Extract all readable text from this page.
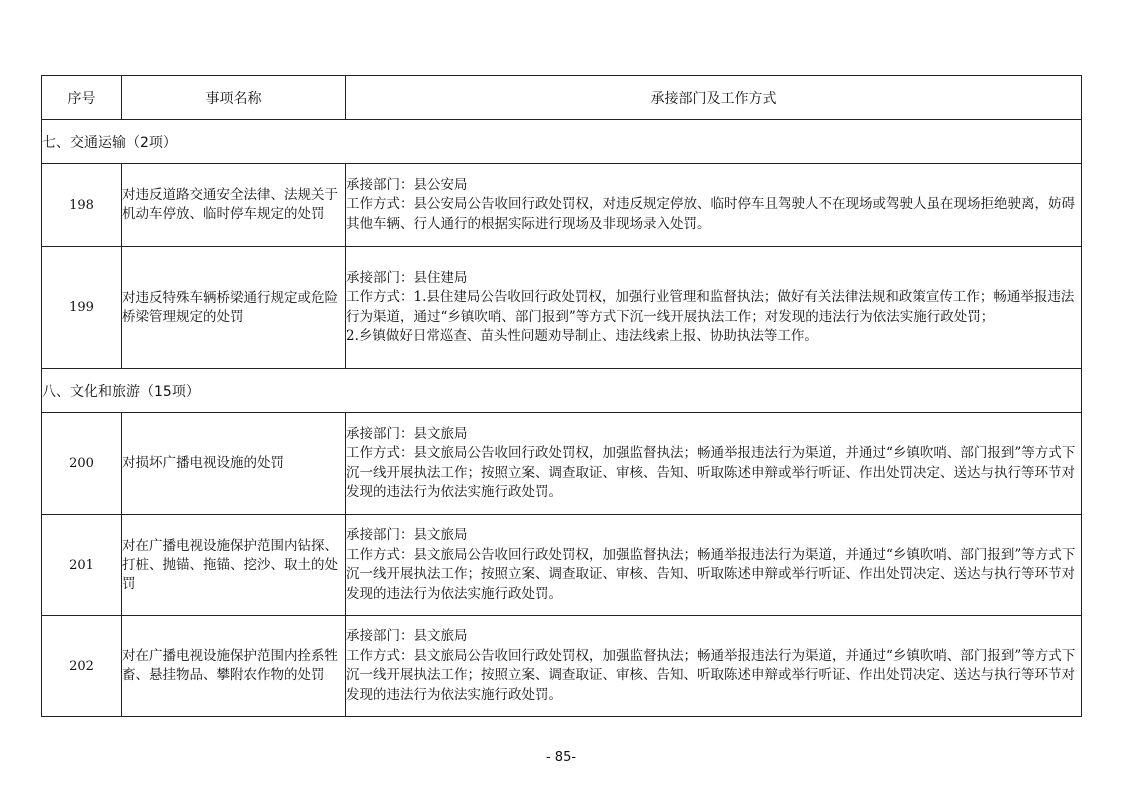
序号	事项名称	承接部门及工作方式
七、交通运输（2项）		
198	对违反道路交通安全法律、法规关于机动车停放、临时停车规定的处罚	承接部门：县公安局
工作方式：县公安局公告收回行政处罚权，对违反规定停放、临时停车且驾驶人不在现场或驾驶人虽在现场拒绝驶离，妨碍其他车辆、行人通行的根据实际进行现场及非现场录入处罚。

199	对违反特殊车辆桥梁通行规定或危险桥梁管理规定的处罚	承接部门：县住建局
工作方式：1.县住建局公告收回行政处罚权，加强行业管理和监督执法；做好有关法律法规和政策宣传工作；畅通举报违法行为渠道，通过“乡镇吹哨、部门报到”等方式下沉一线开展执法工作；对发现的违法行为依法实施行政处罚；
2.乡镇做好日常巡查、苗头性问题劝导制止、违法线索上报、协助执法等工作。

八、文化和旅游（15项）		
200	对损坏广播电视设施的处罚	承接部门：县文旅局
工作方式：县文旅局公告收回行政处罚权，加强监督执法；畅通举报违法行为渠道，并通过“乡镇吹哨、部门报到”等方式下沉一线开展执法工作；按照立案、调查取证、审核、告知、听取陈述申辩或举行听证、作出处罚决定、送达与执行等环节对发现的违法行为依法实施行政处罚。

201	对在广播电视设施保护范围内钻探、打桩、抛锚、拖锚、挖沙、取土的处罚	承接部门：县文旅局
工作方式：县文旅局公告收回行政处罚权，加强监督执法；畅通举报违法行为渠道，并通过“乡镇吹哨、部门报到”等方式下沉一线开展执法工作；按照立案、调查取证、审核、告知、听取陈述申辩或举行听证、作出处罚决定、送达与执行等环节对发现的违法行为依法实施行政处罚。

202	对在广播电视设施保护范围内拴系牲畜、悬挂物品、攀附农作物的处罚	承接部门：县文旅局
工作方式：县文旅局公告收回行政处罚权，加强监督执法；畅通举报违法行为渠道，并通过“乡镇吹哨、部门报到”等方式下沉一线开展执法工作；按照立案、调查取证、审核、告知、听取陈述申辩或举行听证、作出处罚决定、送达与执行等环节对发现的违法行为依法实施行政处罚。
- 85-
